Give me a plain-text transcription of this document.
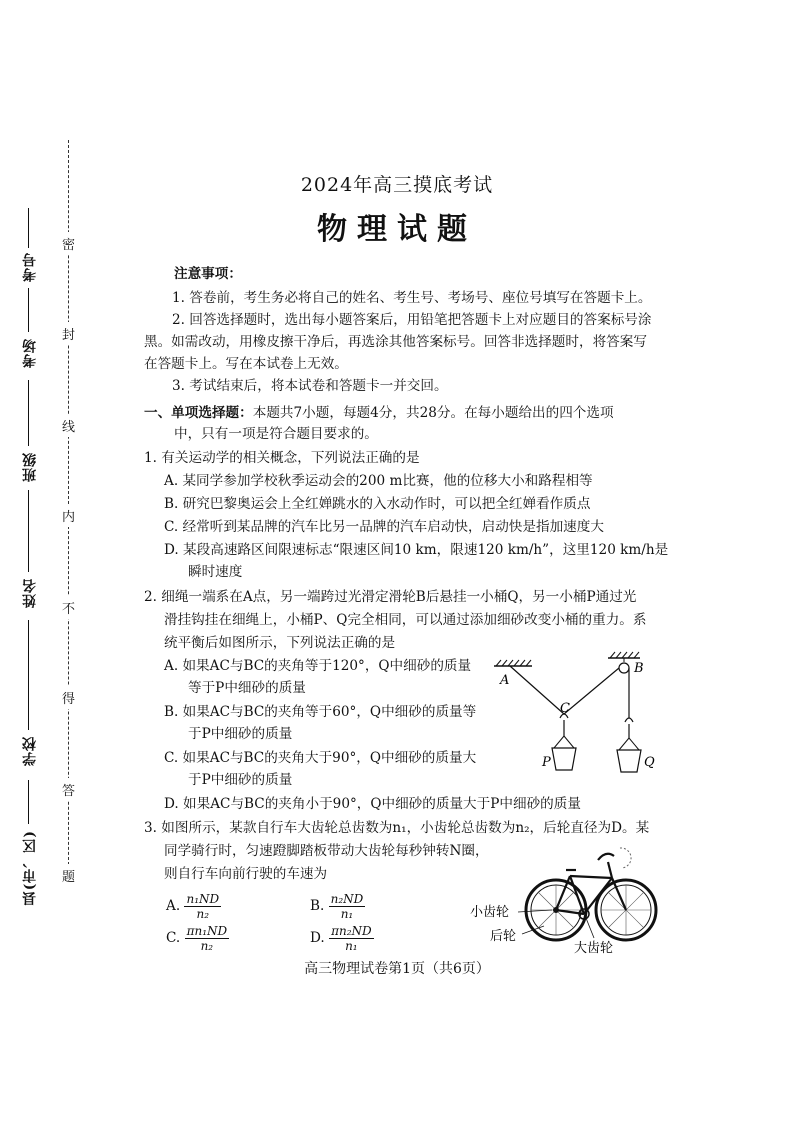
密
封
线
内
不
得
答
题
考号
考场
班级
姓名
学校
县(市、区)
2024年高三摸底考试
物理试题
注意事项：
1. 答卷前，考生务必将自己的姓名、考生号、考场号、座位号填写在答题卡上。
2. 回答选择题时，选出每小题答案后，用铅笔把答题卡上对应题目的答案标号涂
黑。如需改动，用橡皮擦干净后，再选涂其他答案标号。回答非选择题时，将答案写
在答题卡上。写在本试卷上无效。
3. 考试结束后，将本试卷和答题卡一并交回。
一、单项选择题：本题共7小题，每题4分，共28分。在每小题给出的四个选项
中，只有一项是符合题目要求的。
1. 有关运动学的相关概念，下列说法正确的是
A. 某同学参加学校秋季运动会的200 m比赛，他的位移大小和路程相等
B. 研究巴黎奥运会上全红婵跳水的入水动作时，可以把全红婵看作质点
C. 经常听到某品牌的汽车比另一品牌的汽车启动快，启动快是指加速度大
D. 某段高速路区间限速标志“限速区间10 km，限速120 km/h”，这里120 km/h是
瞬时速度
2. 细绳一端系在A点，另一端跨过光滑定滑轮B后悬挂一小桶Q，另一小桶P通过光
滑挂钩挂在细绳上，小桶P、Q完全相同，可以通过添加细砂改变小桶的重力。系
统平衡后如图所示，下列说法正确的是
A. 如果AC与BC的夹角等于120°，Q中细砂的质量
等于P中细砂的质量
B. 如果AC与BC的夹角等于60°，Q中细砂的质量等
于P中细砂的质量
C. 如果AC与BC的夹角大于90°，Q中细砂的质量大
于P中细砂的质量
D. 如果AC与BC的夹角小于90°，Q中细砂的质量大于P中细砂的质量
A
B
C
P	Q
3. 如图所示，某款自行车大齿轮总齿数为n₁，小齿轮总齿数为n₂，后轮直径为D。某
同学骑行时，匀速蹬脚踏板带动大齿轮每秒钟转N圈，
则自行车向前行驶的车速为
A. $\frac{\text{n₁ND}}{\text{n₂}}$	B. $\frac{\text{n₂ND}}{\text{n₁}}$
C. $\frac{\text{πn₁ND}}{\text{n₂}}$	D. $\frac{\text{πn₂ND}}{\text{n₁}}$
小齿轮
后轮
大齿轮
高三物理试卷第1页（共6页）
